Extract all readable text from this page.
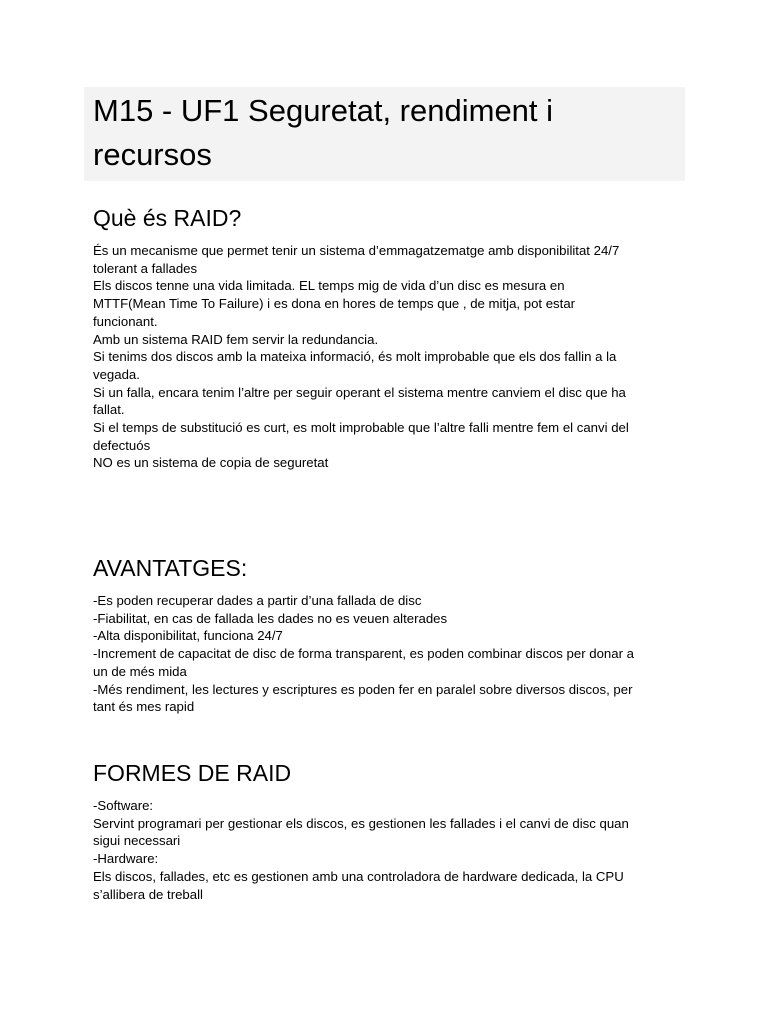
M15 - UF1 Seguretat, rendiment i
recursos
Què és RAID?
És un mecanisme que permet tenir un sistema d’emmagatzematge amb disponibilitat 24/7
tolerant a fallades
Els discos tenne una vida limitada. EL temps mig de vida d’un disc es mesura en
MTTF(Mean Time To Failure) i es dona en hores de temps que , de mitja, pot estar
funcionant.
Amb un sistema RAID fem servir la redundancia.
Si tenims dos discos amb la mateixa informació, és molt improbable que els dos fallin a la
vegada.
Si un falla, encara tenim l’altre per seguir operant el sistema mentre canviem el disc que ha
fallat.
Si el temps de substitució es curt, es molt improbable que l’altre falli mentre fem el canvi del
defectuós
NO es un sistema de copia de seguretat
AVANTATGES:
-Es poden recuperar dades a partir d’una fallada de disc
-Fiabilitat, en cas de fallada les dades no es veuen alterades
-Alta disponibilitat, funciona 24/7
-Increment de capacitat de disc de forma transparent, es poden combinar discos per donar a
un de més mida
-Més rendiment, les lectures y escriptures es poden fer en paralel sobre diversos discos, per
tant és mes rapid
FORMES DE RAID
-Software:
Servint programari per gestionar els discos, es gestionen les fallades i el canvi de disc quan
sigui necessari
-Hardware:
Els discos, fallades, etc es gestionen amb una controladora de hardware dedicada, la CPU
s’allibera de treball
